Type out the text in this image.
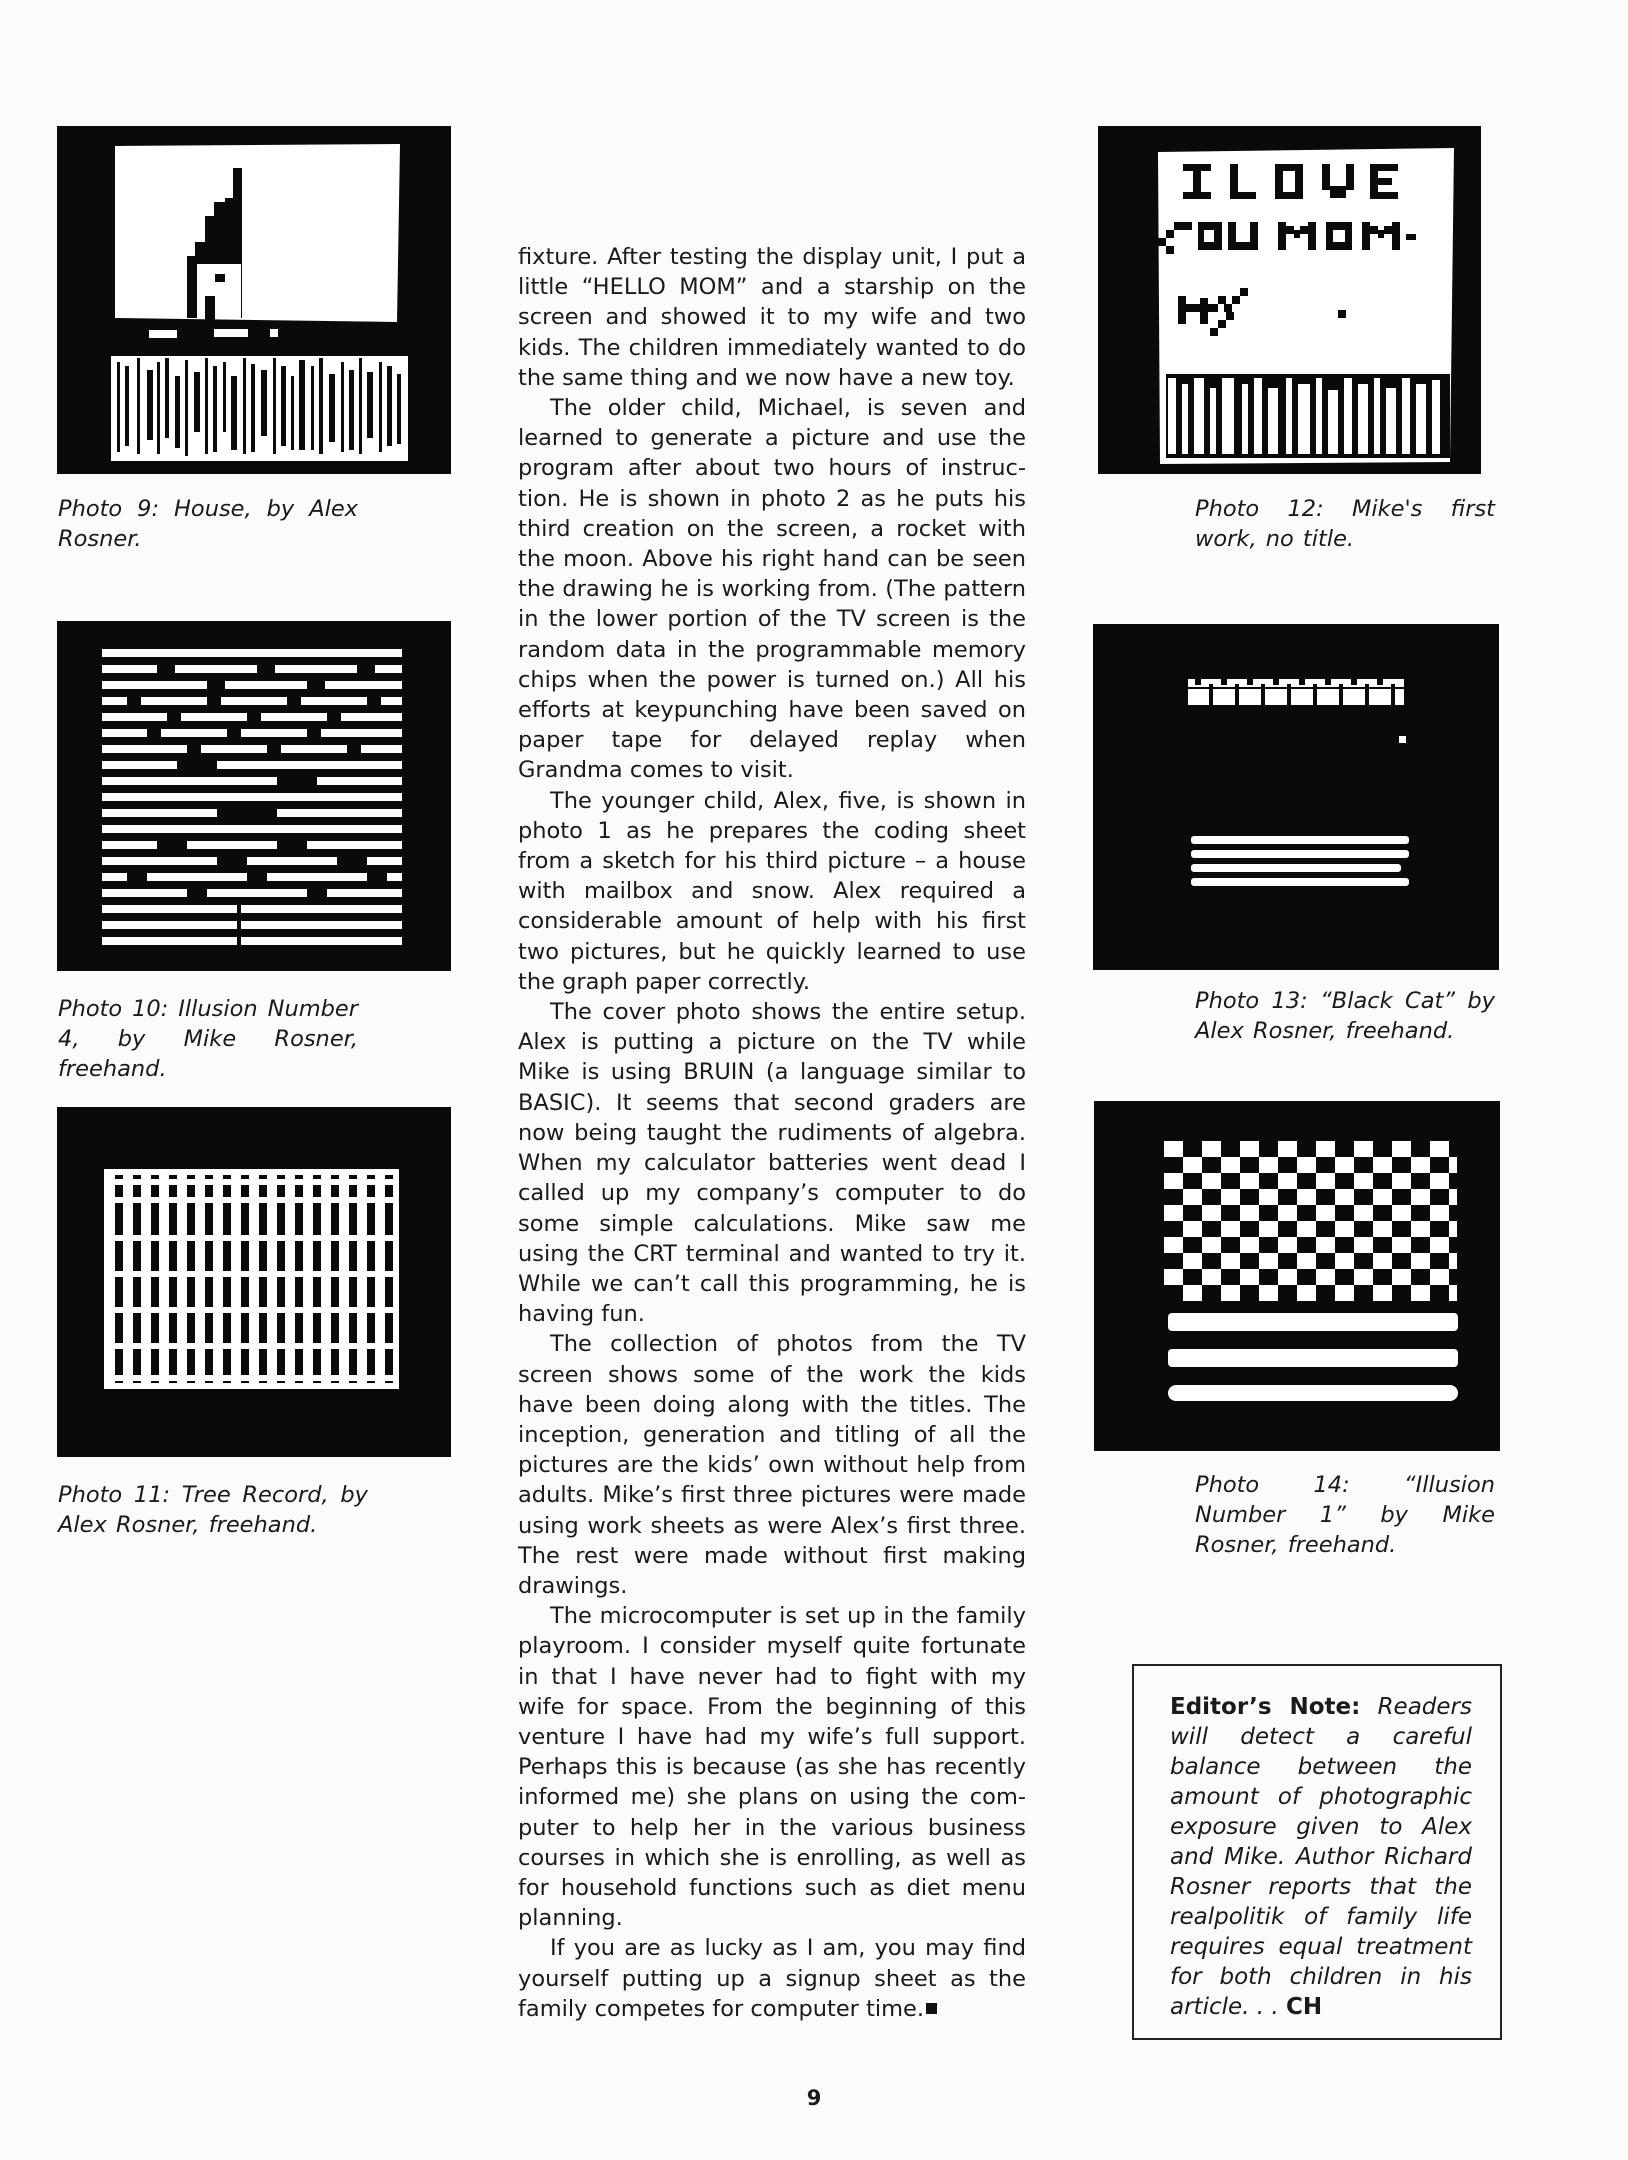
Photo 9: House, by Alex Rosner.
Photo 10: Illusion Number 4, by Mike Rosner, freehand.
Photo 11: Tree Record, by Alex Rosner, freehand.

fixture. After testing the display unit, I put a little “HELLO MOM” and a starship on the screen and showed it to my wife and two kids. The children immediately wanted to do the same thing and we now have a new toy.

The older child, Michael, is seven and learned to generate a picture and use the program after about two hours of instruction. He is shown in photo 2 as he puts his third creation on the screen, a rocket with the moon. Above his right hand can be seen the drawing he is working from. (The pattern in the lower portion of the TV screen is the random data in the programmable memory chips when the power is turned on.) All his efforts at keypunching have been saved on paper tape for delayed replay when Grandma comes to visit.

The younger child, Alex, five, is shown in photo 1 as he prepares the coding sheet from a sketch for his third picture – a house with mailbox and snow. Alex required a considerable amount of help with his first two pictures, but he quickly learned to use the graph paper correctly.

The cover photo shows the entire setup. Alex is putting a picture on the TV while Mike is using BRUIN (a language similar to BASIC). It seems that second graders are now being taught the rudiments of algebra. When my calculator batteries went dead I called up my company’s computer to do some simple calculations. Mike saw me using the CRT terminal and wanted to try it. While we can’t call this programming, he is having fun.

The collection of photos from the TV screen shows some of the work the kids have been doing along with the titles. The inception, generation and titling of all the pictures are the kids’ own without help from adults. Mike’s first three pictures were made using work sheets as were Alex’s first three. The rest were made without first making drawings.

The microcomputer is set up in the family playroom. I consider myself quite fortunate in that I have never had to fight with my wife for space. From the beginning of this venture I have had my wife’s full support. Perhaps this is because (as she has recently informed me) she plans on using the computer to help her in the various business courses in which she is enrolling, as well as for household functions such as diet menu planning.

If you are as lucky as I am, you may find yourself putting up a signup sheet as the family competes for computer time.

Photo 12: Mike's first work, no title.
Photo 13: “Black Cat” by Alex Rosner, freehand.
Photo 14: “Illusion Number 1” by Mike Rosner, freehand.
Editor’s Note: Readers will detect a careful balance between the amount of photographic exposure given to Alex and Mike. Author Richard Rosner reports that the realpolitik of family life requires equal treatment for both children in his article. . . CH
9
